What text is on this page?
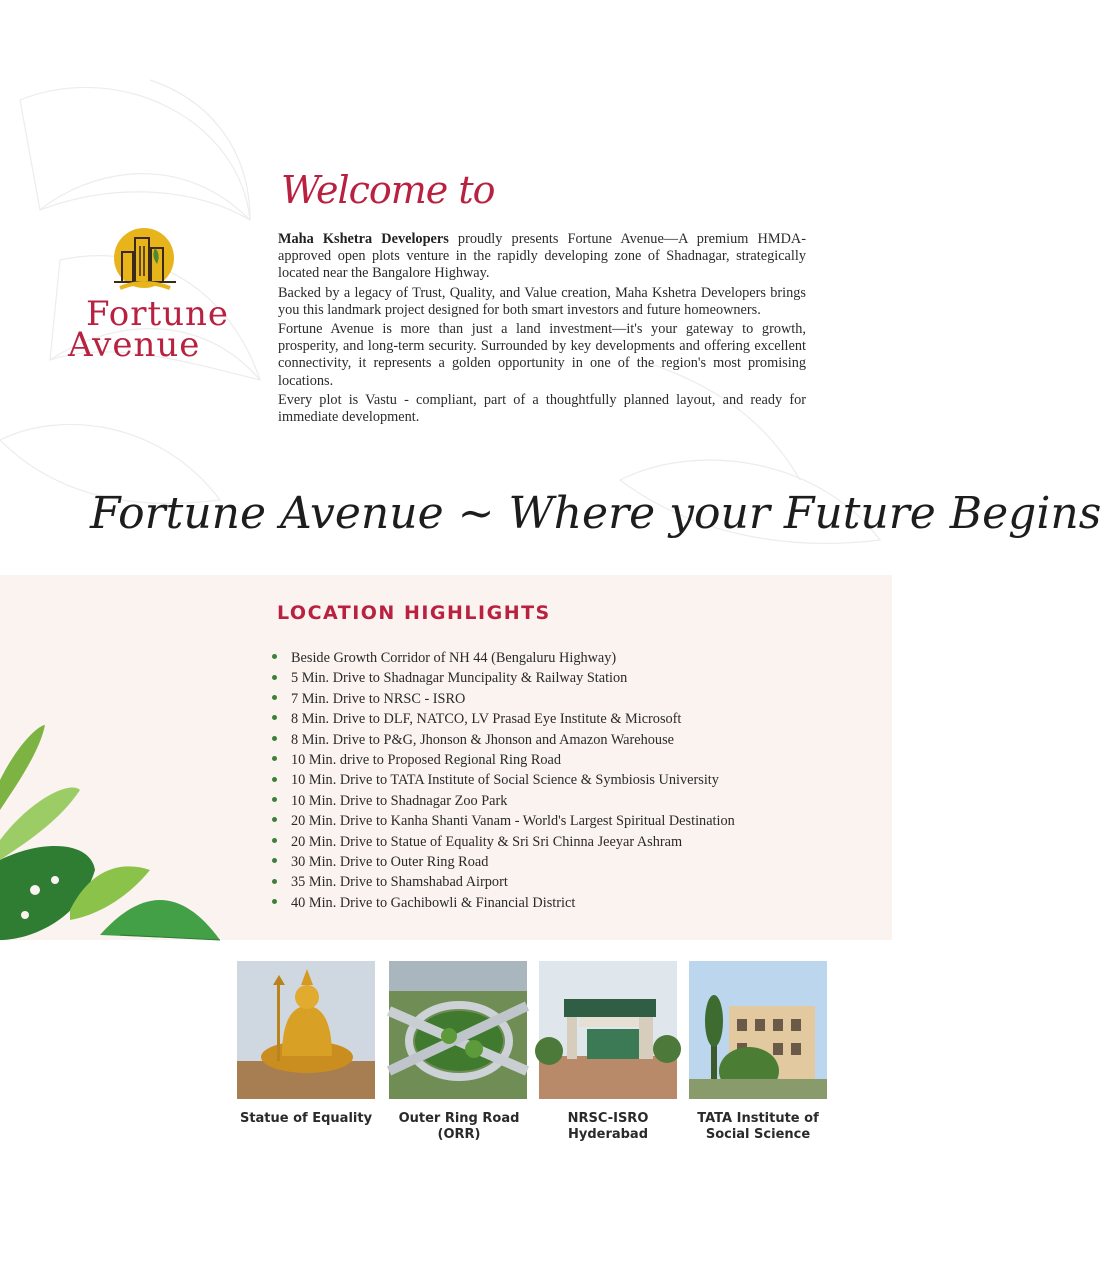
Fortune
Avenue
Welcome to

Maha Kshetra Developers proudly presents Fortune Avenue—A premium HMDA-approved open plots venture in the rapidly developing zone of Shadnagar, strategically located near the Bangalore Highway.

Backed by a legacy of Trust, Quality, and Value creation, Maha Kshetra Developers brings you this landmark project designed for both smart investors and future homeowners.

Fortune Avenue is more than just a land investment—it's your gateway to growth, prosperity, and long-term security. Surrounded by key developments and offering excellent connectivity, it represents a golden opportunity in one of the region's most promising locations.

Every plot is Vastu - compliant, part of a thoughtfully planned layout, and ready for immediate development.

Fortune Avenue ~ Where your Future Begins
LOCATION HIGHLIGHTS
Beside Growth Corridor of NH 44 (Bengaluru Highway)
5 Min. Drive to Shadnagar Muncipality & Railway Station
7 Min. Drive to NRSC - ISRO
8 Min. Drive to DLF, NATCO, LV Prasad Eye Institute & Microsoft
8 Min. Drive to P&G, Jhonson & Jhonson and Amazon Warehouse
10 Min. drive to Proposed Regional Ring Road
10 Min. Drive to TATA Institute of Social Science & Symbiosis University
10 Min. Drive to Shadnagar Zoo Park
20 Min. Drive to Kanha Shanti Vanam - World's Largest Spiritual Destination
20 Min. Drive to Statue of Equality & Sri Sri Chinna Jeeyar Ashram
30 Min. Drive to Outer Ring Road
35 Min. Drive to Shamshabad Airport
40 Min. Drive to Gachibowli & Financial District
Statue of Equality	Outer Ring Road
(ORR)
NRSC-ISRO
Hyderabad
TATA Institute of
Social Science
